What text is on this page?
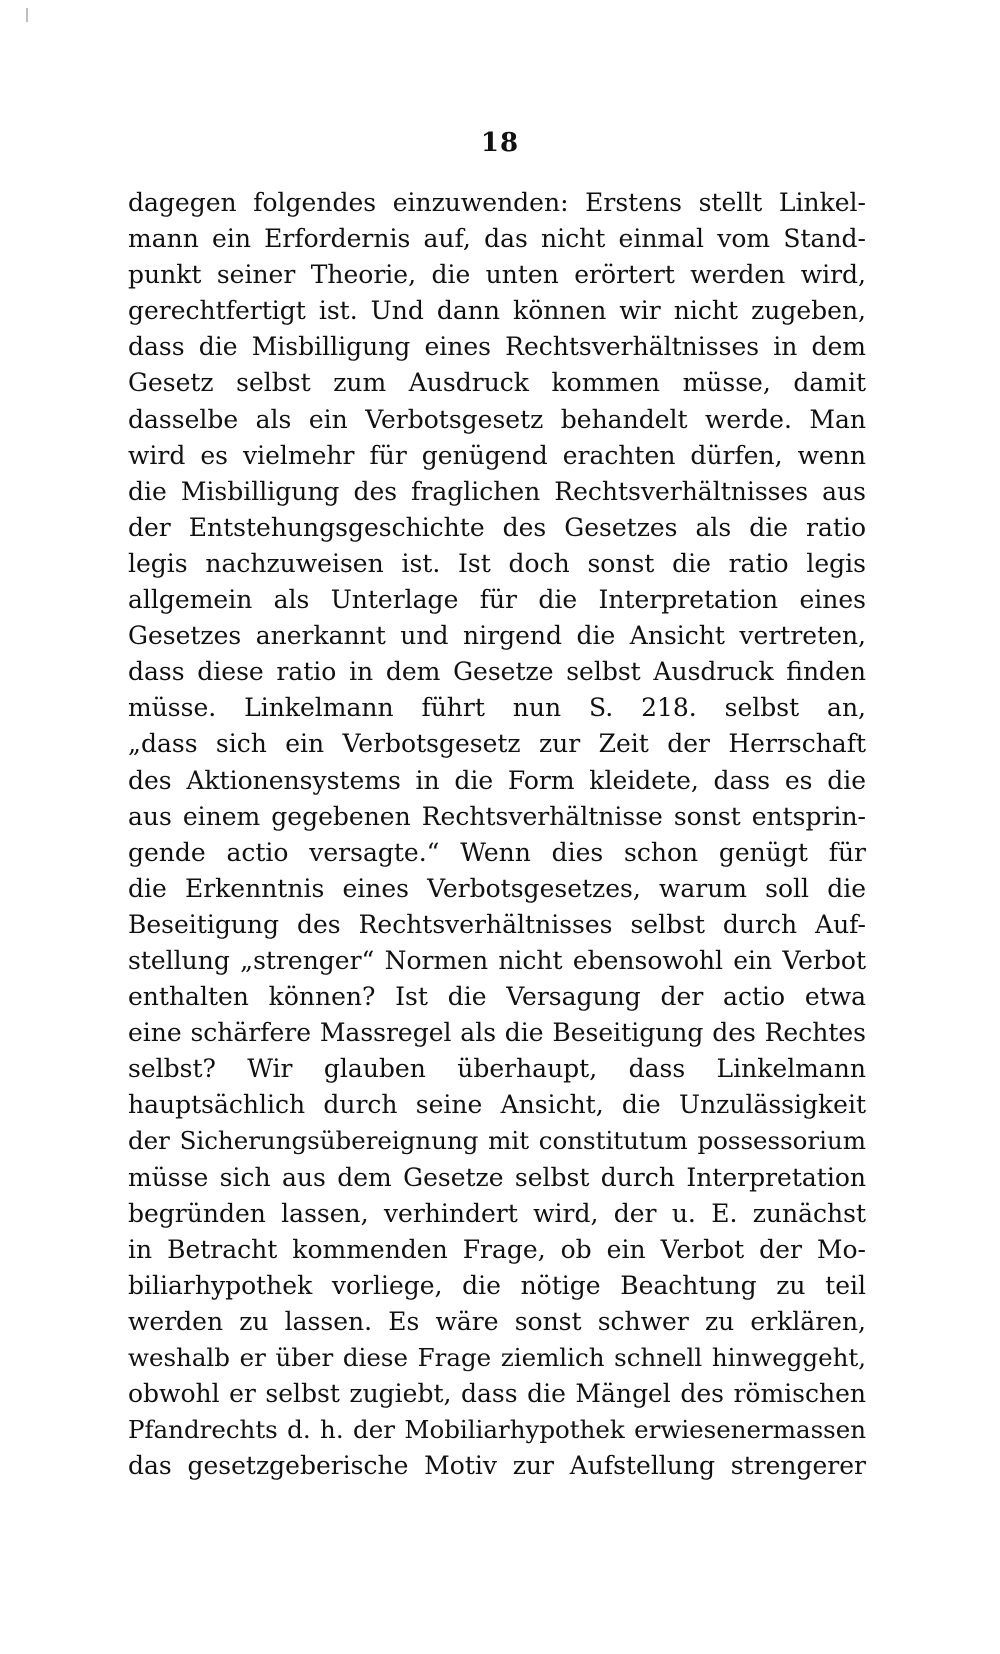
18
dagegen folgendes einzuwenden: Erstens stellt Linkel-
mann ein Erfordernis auf, das nicht einmal vom Stand-
punkt seiner Theorie, die unten erörtert werden wird,
gerechtfertigt ist. Und dann können wir nicht zugeben,
dass die Misbilligung eines Rechtsverhältnisses in dem
Gesetz selbst zum Ausdruck kommen müsse, damit
dasselbe als ein Verbotsgesetz behandelt werde. Man
wird es vielmehr für genügend erachten dürfen, wenn
die Misbilligung des fraglichen Rechtsverhältnisses aus
der Entstehungsgeschichte des Gesetzes als die ratio
legis nachzuweisen ist. Ist doch sonst die ratio legis
allgemein als Unterlage für die Interpretation eines
Gesetzes anerkannt und nirgend die Ansicht vertreten,
dass diese ratio in dem Gesetze selbst Ausdruck finden
müsse. Linkelmann führt nun S. 218. selbst an,
„dass sich ein Verbotsgesetz zur Zeit der Herrschaft
des Aktionensystems in die Form kleidete, dass es die
aus einem gegebenen Rechtsverhältnisse sonst entsprin-
gende actio versagte.“ Wenn dies schon genügt für
die Erkenntnis eines Verbotsgesetzes, warum soll die
Beseitigung des Rechtsverhältnisses selbst durch Auf-
stellung „strenger“ Normen nicht ebensowohl ein Verbot
enthalten können? Ist die Versagung der actio etwa
eine schärfere Massregel als die Beseitigung des Rechtes
selbst? Wir glauben überhaupt, dass Linkelmann
hauptsächlich durch seine Ansicht, die Unzulässigkeit
der Sicherungsübereignung mit constitutum possessorium
müsse sich aus dem Gesetze selbst durch Interpretation
begründen lassen, verhindert wird, der u. E. zunächst
in Betracht kommenden Frage, ob ein Verbot der Mo-
biliarhypothek vorliege, die nötige Beachtung zu teil
werden zu lassen. Es wäre sonst schwer zu erklären,
weshalb er über diese Frage ziemlich schnell hinweggeht,
obwohl er selbst zugiebt, dass die Mängel des römischen
Pfandrechts d. h. der Mobiliarhypothek erwiesenermassen
das gesetzgeberische Motiv zur Aufstellung strengerer
